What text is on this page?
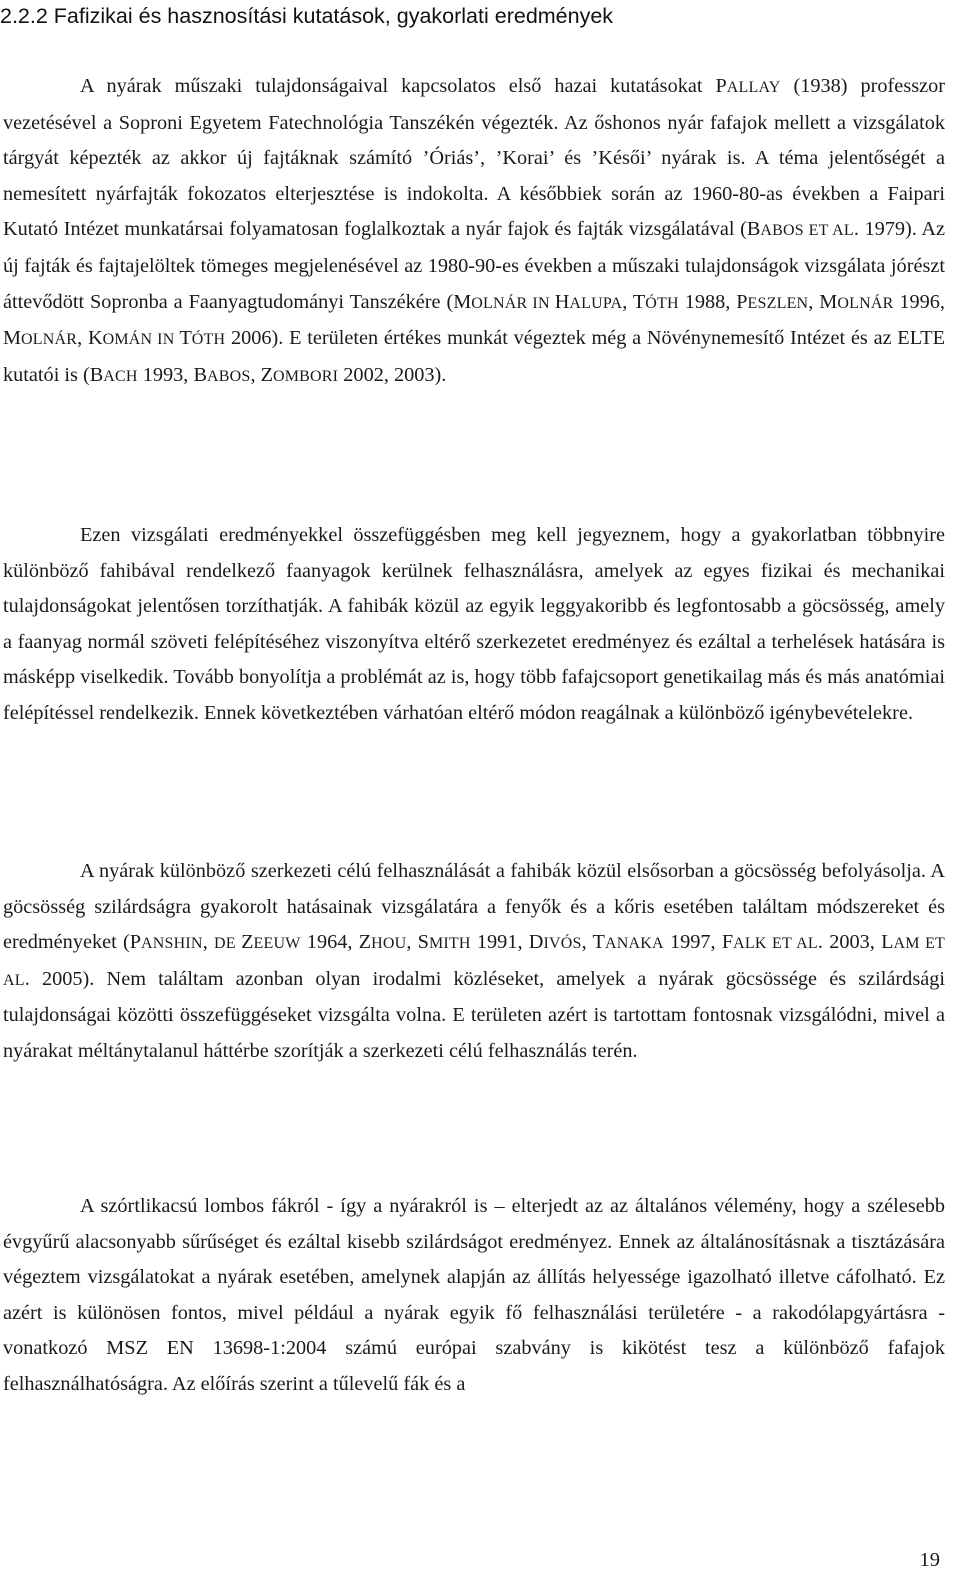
2.2.2 Fafizikai és hasznosítási kutatások, gyakorlati eredmények
A nyárak műszaki tulajdonságaival kapcsolatos első hazai kutatásokat PALLAY (1938) professzor vezetésével a Soproni Egyetem Fatechnológia Tanszékén végezték. Az őshonos nyár fafajok mellett a vizsgálatok tárgyát képezték az akkor új fajtáknak számító ’Óriás’, ’Korai’ és ’Késői’ nyárak is. A téma jelentőségét a nemesített nyárfajták fokozatos elterjesztése is indokolta. A későbbiek során az 1960-80-as években a Faipari Kutató Intézet munkatársai folyamatosan foglalkoztak a nyár fajok és fajták vizsgálatával (BABOS ET AL. 1979). Az új fajták és fajtajelöltek tömeges megjelenésével az 1980-90-es években a műszaki tulajdonságok vizsgálata jórészt áttevődött Sopronba a Faanyagtudományi Tanszékére (MOLNÁR IN HALUPA, TÓTH 1988, PESZLEN, MOLNÁR 1996, MOLNÁR, KOMÁN IN TÓTH 2006). E területen értékes munkát végeztek még a Növénynemesítő Intézet és az ELTE kutatói is (BACH 1993, BABOS, ZOMBORI 2002, 2003).
Ezen vizsgálati eredményekkel összefüggésben meg kell jegyeznem, hogy a gyakorlatban többnyire különböző fahibával rendelkező faanyagok kerülnek felhasználásra, amelyek az egyes fizikai és mechanikai tulajdonságokat jelentősen torzíthatják. A fahibák közül az egyik leggyakoribb és legfontosabb a göcsösség, amely a faanyag normál szöveti felépítéséhez viszonyítva eltérő szerkezetet eredményez és ezáltal a terhelések hatására is másképp viselkedik. Tovább bonyolítja a problémát az is, hogy több fafajcsoport genetikailag más és más anatómiai felépítéssel rendelkezik. Ennek következtében várhatóan eltérő módon reagálnak a különböző igénybevételekre.
A nyárak különböző szerkezeti célú felhasználását a fahibák közül elsősorban a göcsösség befolyásolja. A göcsösség szilárdságra gyakorolt hatásainak vizsgálatára a fenyők és a kőris esetében találtam módszereket és eredményeket (PANSHIN, DE ZEEUW 1964, ZHOU, SMITH 1991, DIVÓS, TANAKA 1997, FALK ET AL. 2003, LAM ET AL. 2005). Nem találtam azonban olyan irodalmi közléseket, amelyek a nyárak göcsössége és szilárdsági tulajdonságai közötti összefüggéseket vizsgálta volna. E területen azért is tartottam fontosnak vizsgálódni, mivel a nyárakat méltánytalanul háttérbe szorítják a szerkezeti célú felhasználás terén.
A szórtlikacsú lombos fákról - így a nyárakról is – elterjedt az az általános vélemény, hogy a szélesebb évgyűrű alacsonyabb sűrűséget és ezáltal kisebb szilárdságot eredményez. Ennek az általánosításnak a tisztázására végeztem vizsgálatokat a nyárak esetében, amelynek alapján az állítás helyessége igazolható illetve cáfolható. Ez azért is különösen fontos, mivel például a nyárak egyik fő felhasználási területére - a rakodólapgyártásra - vonatkozó MSZ EN 13698-1:2004 számú európai szabvány is kikötést tesz a különböző fafajok felhasználhatóságra. Az előírás szerint a tűlevelű fák és a
19
